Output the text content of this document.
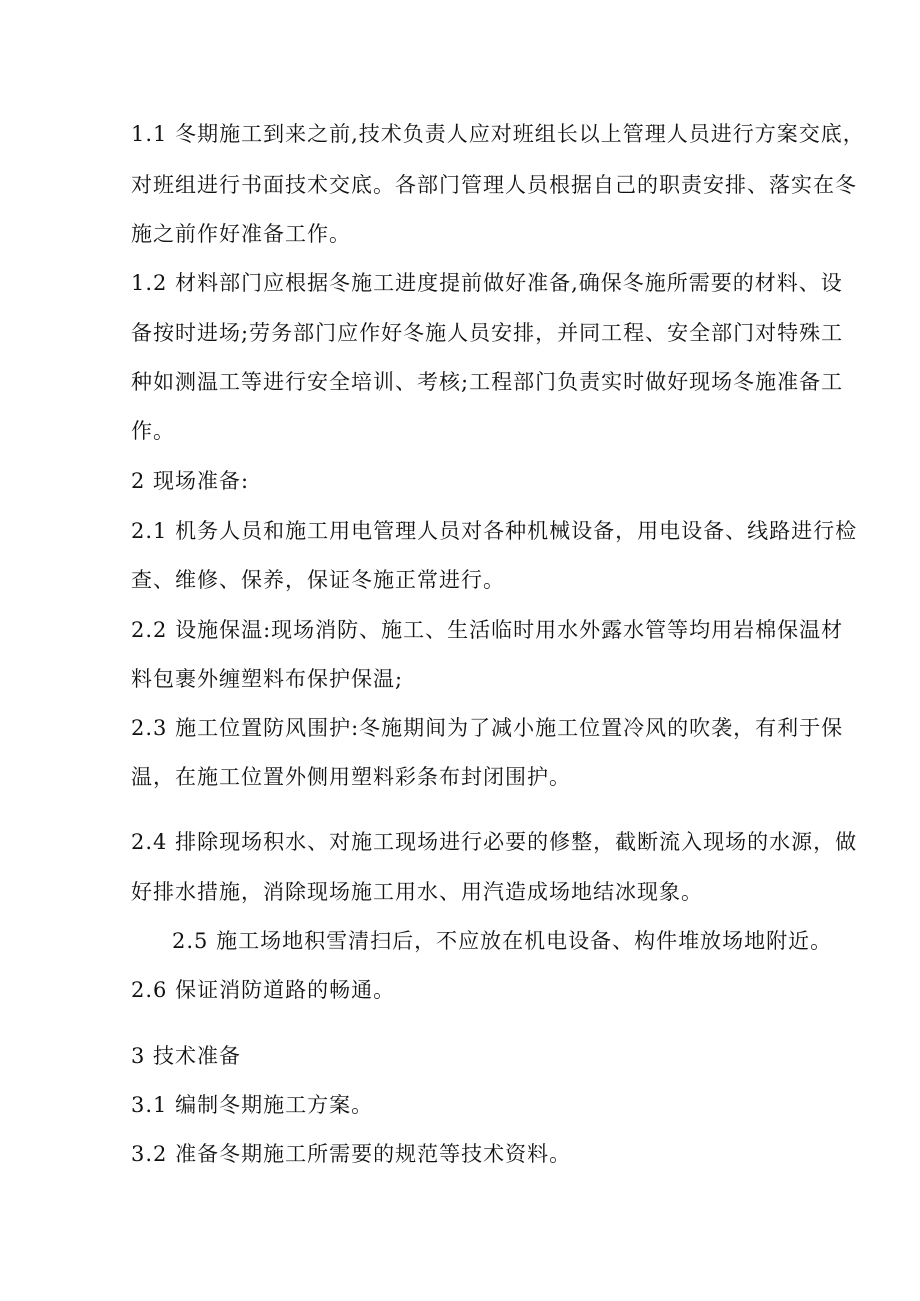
1.1 冬期施工到来之前,技术负责人应对班组长以上管理人员进行方案交底，
对班组进行书面技术交底。各部门管理人员根据自己的职责安排、落实在冬
施之前作好准备工作。
1.2 材料部门应根据冬施工进度提前做好准备,确保冬施所需要的材料、设
备按时进场;劳务部门应作好冬施人员安排，并同工程、安全部门对特殊工
种如测温工等进行安全培训、考核;工程部门负责实时做好现场冬施准备工
作。
2 现场准备:
2.1 机务人员和施工用电管理人员对各种机械设备，用电设备、线路进行检
查、维修、保养，保证冬施正常进行。
2.2 设施保温:现场消防、施工、生活临时用水外露水管等均用岩棉保温材
料包裹外缠塑料布保护保温;
2.3 施工位置防风围护:冬施期间为了减小施工位置冷风的吹袭，有利于保
温，在施工位置外侧用塑料彩条布封闭围护。
2.4 排除现场积水、对施工现场进行必要的修整，截断流入现场的水源，做
好排水措施，消除现场施工用水、用汽造成场地结冰现象。
2.5 施工场地积雪清扫后，不应放在机电设备、构件堆放场地附近。
2.6 保证消防道路的畅通。
3 技术准备
3.1 编制冬期施工方案。
3.2 准备冬期施工所需要的规范等技术资料。
